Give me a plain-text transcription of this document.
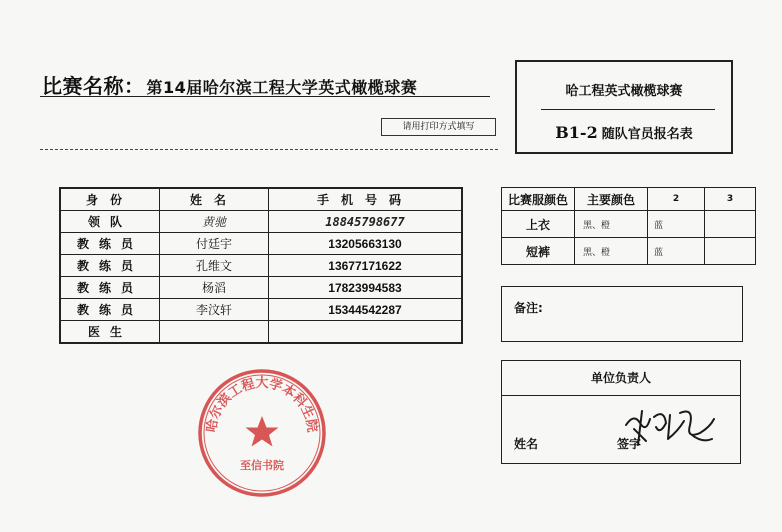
比赛名称： 第14届哈尔滨工程大学英式橄榄球赛
请用打印方式填写
哈工程英式橄榄球赛
B1-2 随队官员报名表
身份	姓名	手机号码
领队	黄驰	18845798677
教练员	付廷宇	13205663130
教练员	孔维文	13677171622
教练员	杨滔	17823994583
教练员	李汶轩	15344542287
医生		
比赛服颜色	主要颜色	2	3
上衣	黑、橙	蓝	
短裤	黑、橙	蓝	
备注:
单位负责人
姓名	签字
哈尔滨工程大学本科生院
至信书院
